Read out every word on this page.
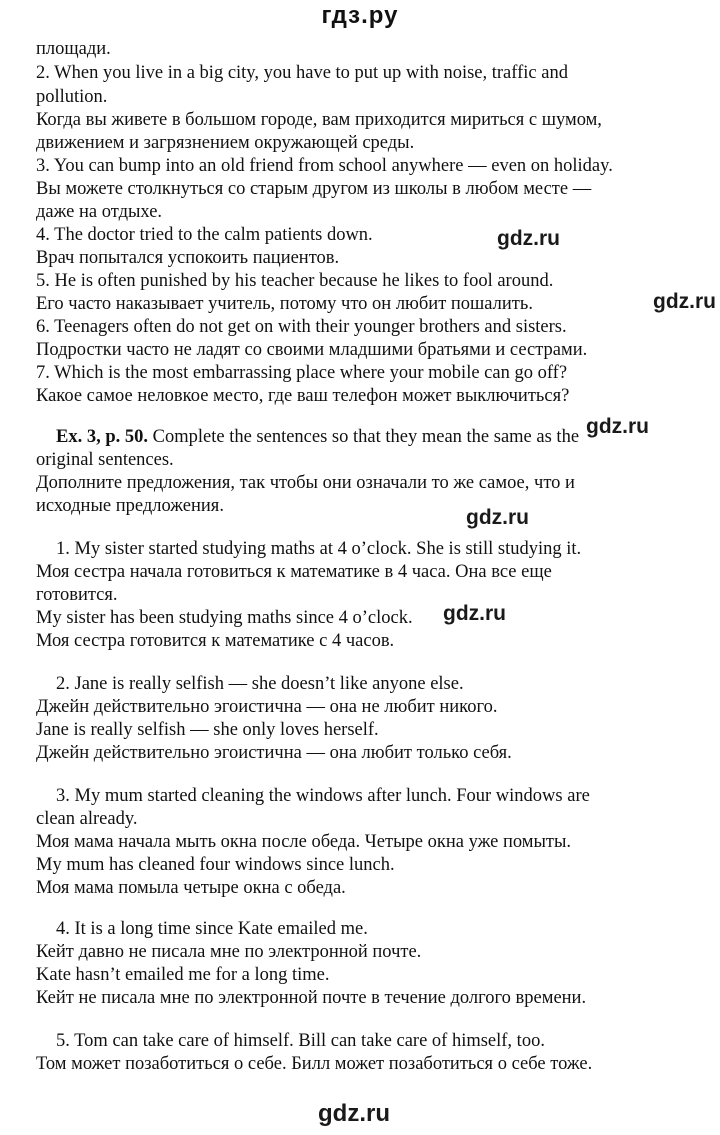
гдз.ру
площади.
2. When you live in a big city, you have to put up with noise, traffic and
pollution.
Когда вы живете в большом городе, вам приходится мириться с шумом,
движением и загрязнением окружающей среды.
3. You can bump into an old friend from school anywhere — even on holiday.
Вы можете столкнуться со старым другом из школы в любом месте —
даже на отдыхе.
4. The doctor tried to the calm patients down.
Врач попытался успокоить пациентов.
5. He is often punished by his teacher because he likes to fool around.
Его часто наказывает учитель, потому что он любит пошалить.
6. Teenagers often do not get on with their younger brothers and sisters.
Подростки часто не ладят со своими младшими братьями и сестрами.
7. Which is the most embarrassing place where your mobile can go off?
Какое самое неловкое место, где ваш телефон может выключиться?
Ex. 3, p. 50. Complete the sentences so that they mean the same as the
original sentences.
Дополните предложения, так чтобы они означали то же самое, что и
исходные предложения.
1. My sister started studying maths at 4 o’clock. She is still studying it.
Моя сестра начала готовиться к математике в 4 часа. Она все еще
готовится.
My sister has been studying maths since 4 o’clock.
Моя сестра готовится к математике с 4 часов.
2. Jane is really selfish — she doesn’t like anyone else.
Джейн действительно эгоистична — она не любит никого.
Jane is really selfish — she only loves herself.
Джейн действительно эгоистична — она любит только себя.
3. My mum started cleaning the windows after lunch. Four windows are
clean already.
Моя мама начала мыть окна после обеда. Четыре окна уже помыты.
My mum has cleaned four windows since lunch.
Моя мама помыла четыре окна с обеда.
4. It is a long time since Kate emailed me.
Кейт давно не писала мне по электронной почте.
Kate hasn’t emailed me for a long time.
Кейт не писала мне по электронной почте в течение долгого времени.
5. Tom can take care of himself. Bill can take care of himself, too.
Том может позаботиться о себе. Билл может позаботиться о себе тоже.
gdz.ru
gdz.ru
gdz.ru
gdz.ru
gdz.ru
gdz.ru
